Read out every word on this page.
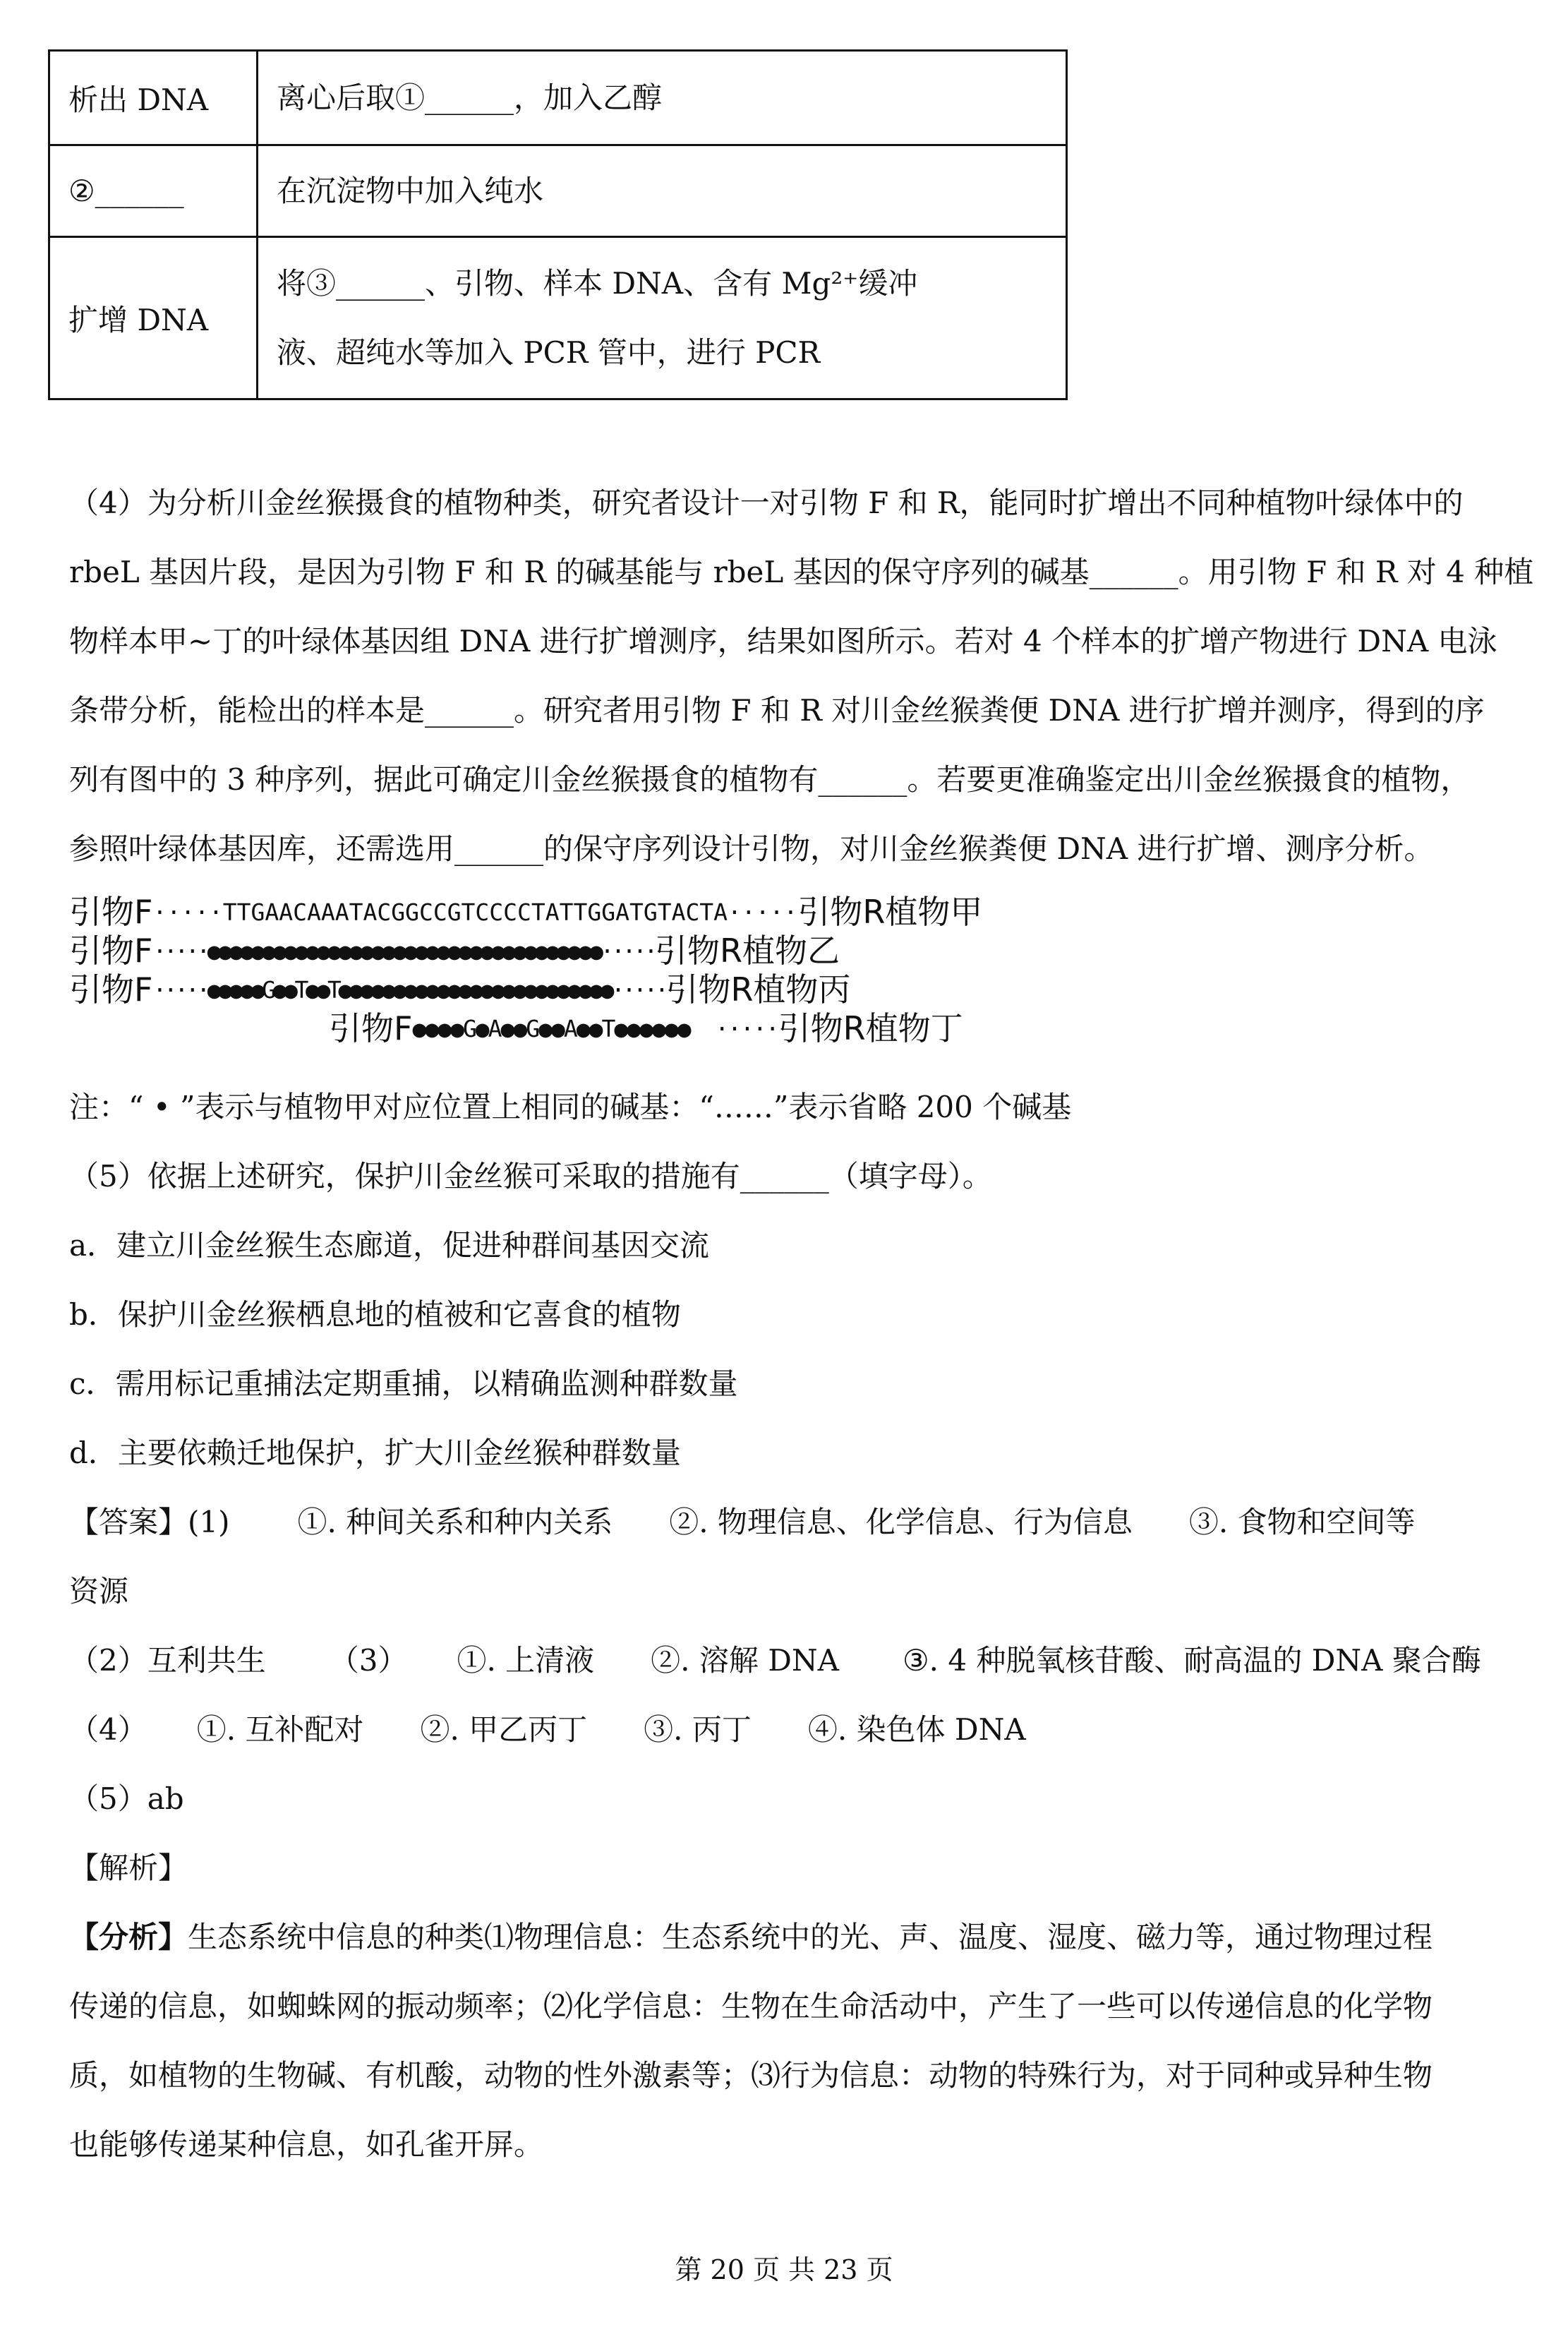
析出 DNA	离心后取①______，加入乙醇

②______	在沉淀物中加入纯水

扩增 DNA	将③______、引物、样本 DNA、含有 Mg²⁺缓冲
液、超纯水等加入 PCR 管中，进行 PCR
（4）为分析川金丝猴摄食的植物种类，研究者设计一对引物 F 和 R，能同时扩增出不同种植物叶绿体中的
rbeL 基因片段，是因为引物 F 和 R 的碱基能与 rbeL 基因的保守序列的碱基______。用引物 F 和 R 对 4 种植
物样本甲~丁的叶绿体基因组 DNA 进行扩增测序，结果如图所示。若对 4 个样本的扩增产物进行 DNA 电泳
条带分析，能检出的样本是______。研究者用引物 F 和 R 对川金丝猴粪便 DNA 进行扩增并测序，得到的序
列有图中的 3 种序列，据此可确定川金丝猴摄食的植物有______。若要更准确鉴定出川金丝猴摄食的植物，
参照叶绿体基因库，还需选用______的保守序列设计引物，对川金丝猴粪便 DNA 进行扩增、测序分析。
引物F ·····TTGAACAAATACGGCCGTCCCCTATTGGATGTACTA····· 引物R 植物甲
引物F ·····●●●●●●●●●●●●●●●●●●●●●●●●●●●●●●●●●●●●····· 引物R 植物乙
引物F ·····●●●●●G●●T●●T●●●●●●●●●●●●●●●●●●●●●●●●●····· 引物R 植物丙
引物F ●●●●G●A●●G●●A●●T●●●●●●  ····· 引物R 植物丁
注：“ • ”表示与植物甲对应位置上相同的碱基：“……”表示省略 200 个碱基
（5）依据上述研究，保护川金丝猴可采取的措施有______（填字母）。
a．建立川金丝猴生态廊道，促进种群间基因交流
b．保护川金丝猴栖息地的植被和它喜食的植物
c．需用标记重捕法定期重捕，以精确监测种群数量
d．主要依赖迁地保护，扩大川金丝猴种群数量
【答案】(1) ①. 种间关系和种内关系 ②. 物理信息、化学信息、行为信息 ③. 食物和空间等
资源
（2）互利共生 （3） ①. 上清液 ②. 溶解 DNA ③. 4 种脱氧核苷酸、耐高温的 DNA 聚合酶
（4） ①. 互补配对 ②. 甲乙丙丁 ③. 丙丁 ④. 染色体 DNA
（5）ab
【解析】
【分析】生态系统中信息的种类⑴物理信息：生态系统中的光、声、温度、湿度、磁力等，通过物理过程
传递的信息，如蜘蛛网的振动频率；⑵化学信息：生物在生命活动中，产生了一些可以传递信息的化学物
质，如植物的生物碱、有机酸，动物的性外激素等；⑶行为信息：动物的特殊行为，对于同种或异种生物
也能够传递某种信息，如孔雀开屏。
第 20 页 共 23 页
